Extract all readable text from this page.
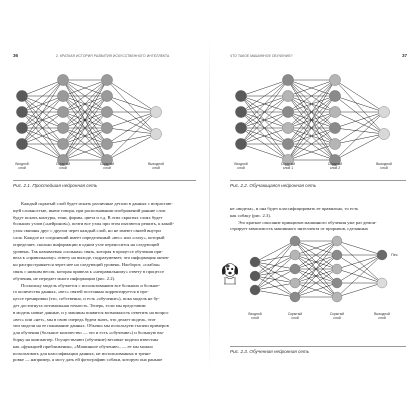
36	2. КРАТКАЯ ИСТОРИЯ РАЗВИТИЯ ИСКУССТВЕННОГО ИНТЕЛЛЕКТА
Входной слой
Скрытый слой
Скрытый слой
Выходной слой
Рис. 2.1. Простейшая нейронная сеть
Каждый скрытый слой будет искать различные детали в данных с возрастаю-
щей сложностью, иначе говоря, при распознавании изображений ранние слои
будут искать контуры, тени, формы, цвета и т.д. В этих скрытых слоях будет
больших узлов («нейронов»), почти все узлы при этом пытаются решить, к какой-
узлы связаны друг с другом через каждый слой, но не имеют связей внутри
слоя. Каждое из соединений имеет определенный «вес» или «силу», который
определяет, сколько информации в одном узле переносится на следующий
уровень. Так называемая «сильная» связь, которая в процессе обучения при-
вела к «правильному» ответу на выходе, подразумевает, что информация актив-
но распространяется через нее на следующий уровень. Наоборот, «слабая»
связь с низким весом, которая привела к «неправильному» ответу в процессе
обучения, не передает много информации (рис. 2.2).
Поскольку модель обучается с использованием все больших и больше-
го количества данных, «вес» связей постоянно корректируется в про-
цессе тренировки (это, собственно, и есть «обучение»), пока модель не бу-
дет достигнута оптимальная точность. Теперь, если мы представим
в модель новые данные, и у машины появится возможность ответить на вопрос
«вес» или «нет», мы в свою очередь будем знать, что делает модель, этот
тип модели на ее понимание данных. Обычно мы используем тысячи примеров
для обучения (большое количество — это и есть «обучение») и большую вы-
борку на компьютер. Осуществляют (обучение) весовые модели известны
как «функцией приближения», «Машинное обучение», — ее мы можно
использовать для классификации данных, не использованных в трени-
ровке — например, я могу дать ей фотографию собаки, которую она раньше
ЧТО ТАКОЕ МАШИННОЕ ОБУЧЕНИЕ?	37
Входной слой
Скрытый слой 1
Скрытый слой 2
Выходной слой
Рис. 2.2. Обучающаяся нейронная сеть
не «видела», и она будет классифицировать ее правильно, то есть
как собаку (рис. 2.3).
Это краткое описание принципов машинного обучения уже раз демон-
стрирует зависимость машинного интеллекта от прорывов, сделанных
Входной слой
Скрытый слой
Скрытый слой
Выходной слой
Пес
Рис. 2.3. Обученная нейронная сеть
